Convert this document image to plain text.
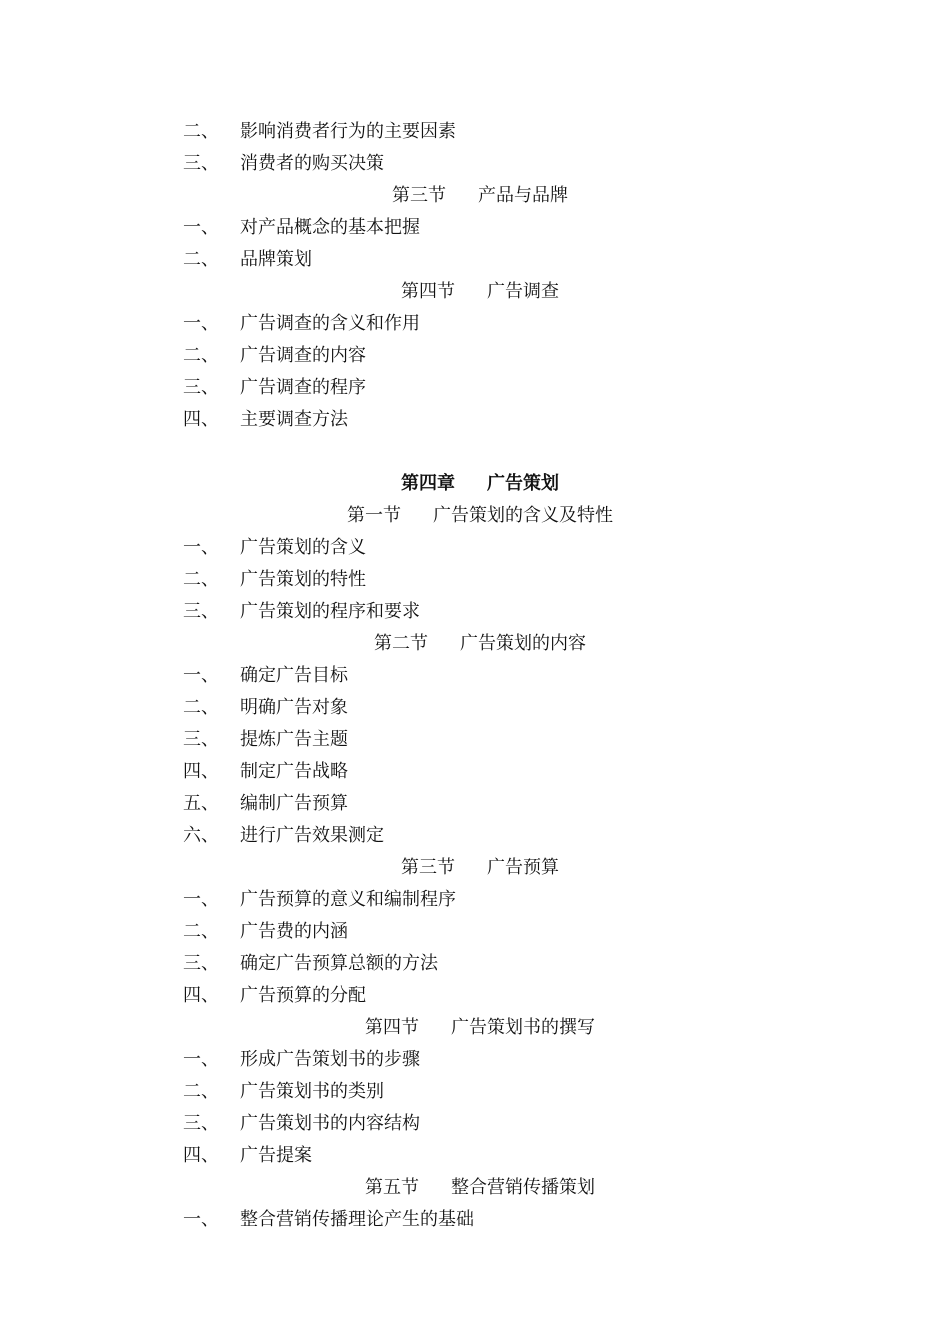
二、 影响消费者行为的主要因素
三、 消费者的购买决策
第三节 产品与品牌
一、 对产品概念的基本把握
二、 品牌策划
第四节 广告调查
一、 广告调查的含义和作用
二、 广告调查的内容
三、 广告调查的程序
四、 主要调查方法
第四章 广告策划
第一节 广告策划的含义及特性
一、 广告策划的含义
二、 广告策划的特性
三、 广告策划的程序和要求
第二节 广告策划的内容
一、 确定广告目标
二、 明确广告对象
三、 提炼广告主题
四、 制定广告战略
五、 编制广告预算
六、 进行广告效果测定
第三节 广告预算
一、 广告预算的意义和编制程序
二、 广告费的内涵
三、 确定广告预算总额的方法
四、 广告预算的分配
第四节 广告策划书的撰写
一、 形成广告策划书的步骤
二、 广告策划书的类别
三、 广告策划书的内容结构
四、 广告提案
第五节 整合营销传播策划
一、 整合营销传播理论产生的基础
